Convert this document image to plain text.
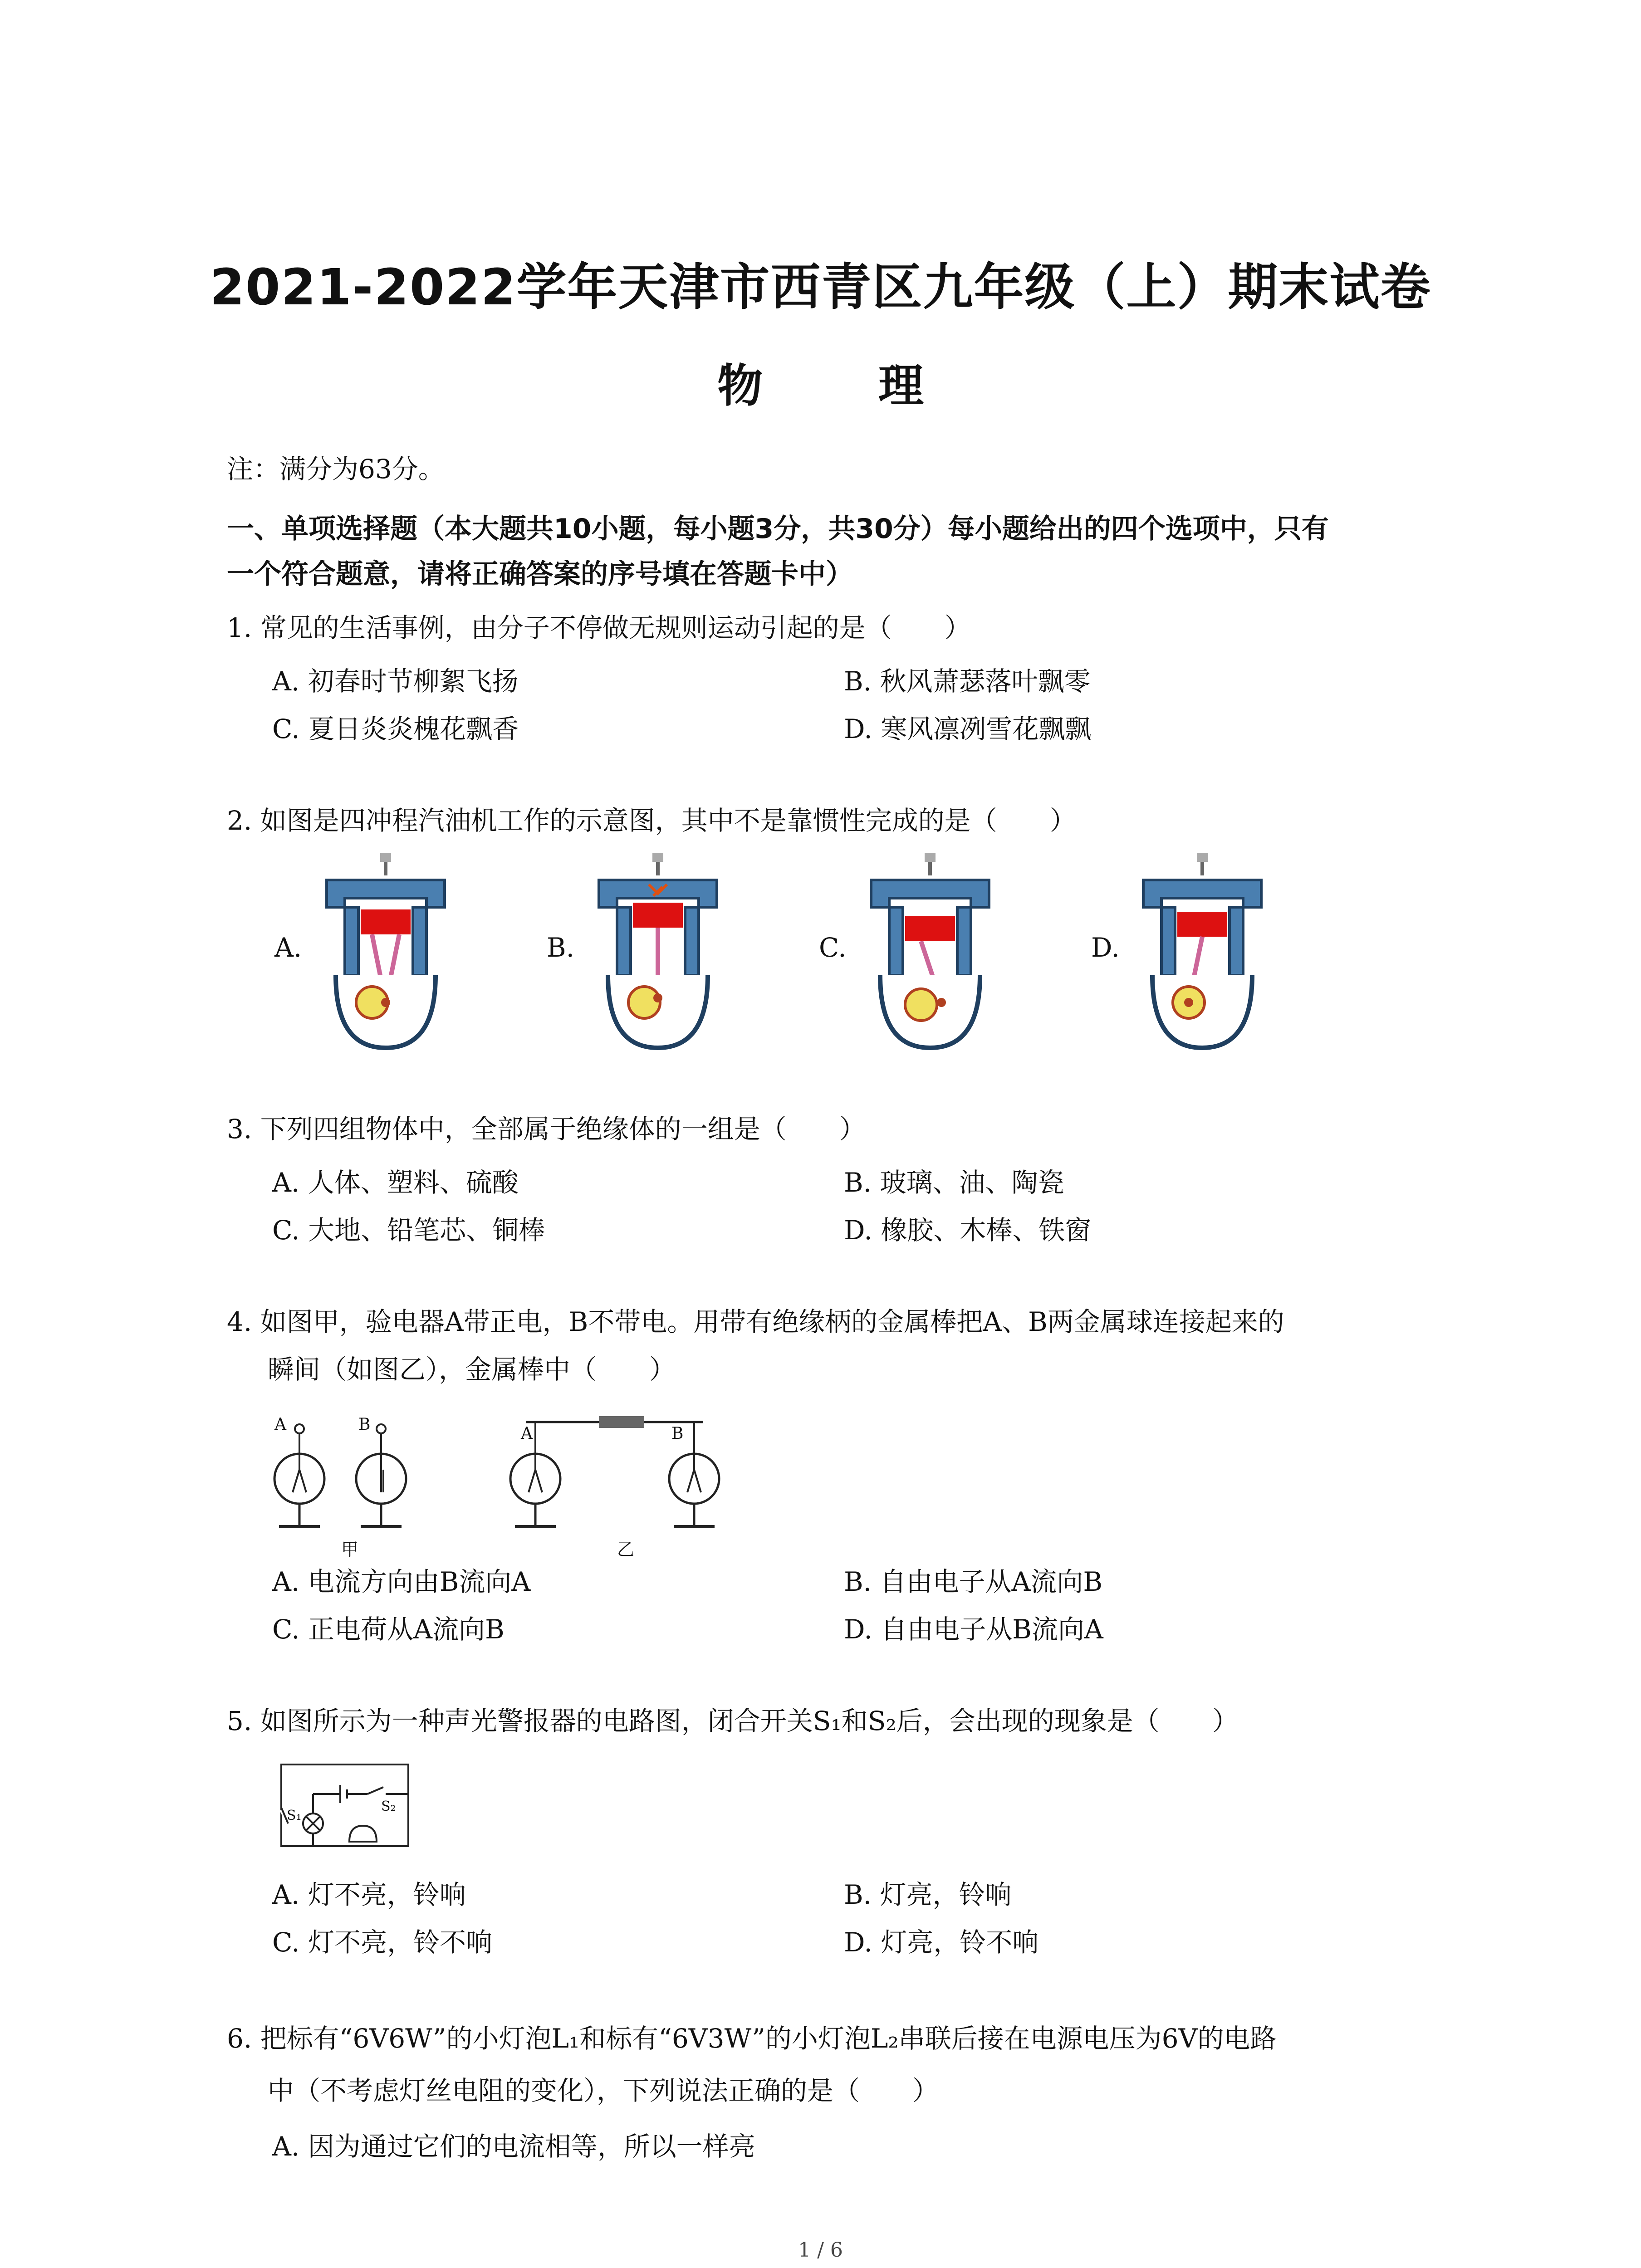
2021-2022学年天津市西青区九年级（上）期末试卷
物 理
注：满分为63分。
一、单项选择题（本大题共10小题，每小题3分，共30分）每小题给出的四个选项中，只有
一个符合题意，请将正确答案的序号填在答题卡中）
1. 常见的生活事例，由分子不停做无规则运动引起的是（　　）
A. 初春时节柳絮飞扬	B. 秋风萧瑟落叶飘零
C. 夏日炎炎槐花飘香	D. 寒风凛冽雪花飘飘
2. 如图是四冲程汽油机工作的示意图，其中不是靠惯性完成的是（　　）
A.	B.	C.	D.
3. 下列四组物体中，全部属于绝缘体的一组是（　　）
A. 人体、塑料、硫酸	B. 玻璃、油、陶瓷
C. 大地、铅笔芯、铜棒	D. 橡胶、木棒、铁窗
4. 如图甲，验电器A带正电，B不带电。用带有绝缘柄的金属棒把A、B两金属球连接起来的
瞬间（如图乙），金属棒中（　　）
A	B	A	B
甲	乙
A. 电流方向由B流向A	B. 自由电子从A流向B
C. 正电荷从A流向B	D. 自由电子从B流向A
5. 如图所示为一种声光警报器的电路图，闭合开关S₁和S₂后，会出现的现象是（　　）
S₁
S₂
A. 灯不亮，铃响	B. 灯亮，铃响
C. 灯不亮，铃不响	D. 灯亮，铃不响
6. 把标有“6V6W”的小灯泡L₁和标有“6V3W”的小灯泡L₂串联后接在电源电压为6V的电路
中（不考虑灯丝电阻的变化），下列说法正确的是（　　）
A. 因为通过它们的电流相等，所以一样亮
1 / 6
